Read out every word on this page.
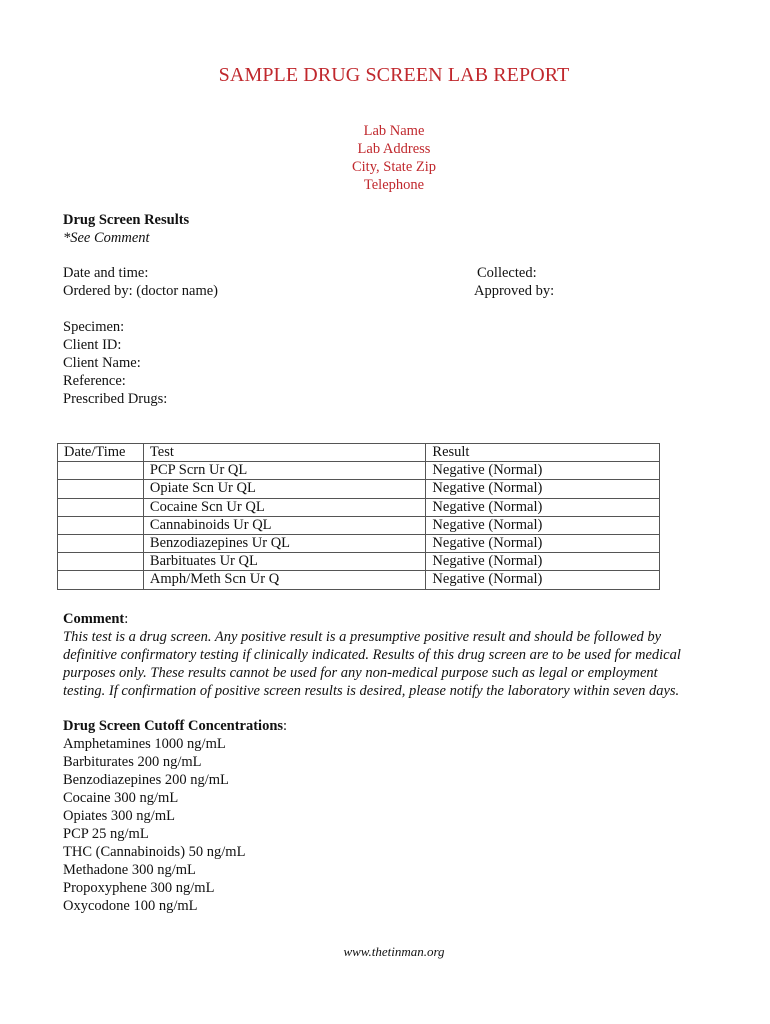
SAMPLE DRUG SCREEN LAB REPORT
Lab Name
Lab Address
City, State Zip
Telephone
Drug Screen Results
*See Comment
Date and time:
Ordered by: (doctor name)
Collected:
Approved by:
Specimen:
Client ID:
Client Name:
Reference:
Prescribed Drugs:
Date/Time	Test	Result
	PCP Scrn Ur QL	Negative (Normal)
	Opiate Scn Ur QL	Negative (Normal)
	Cocaine Scn Ur QL	Negative (Normal)
	Cannabinoids Ur QL	Negative (Normal)
	Benzodiazepines Ur QL	Negative (Normal)
	Barbituates Ur QL	Negative (Normal)
	Amph/Meth Scn Ur Q	Negative (Normal)
Comment:
This test is a drug screen. Any positive result is a presumptive positive result and should be followed by
definitive confirmatory testing if clinically indicated. Results of this drug screen are to be used for medical
purposes only. These results cannot be used for any non-medical purpose such as legal or employment
testing. If confirmation of positive screen results is desired, please notify the laboratory within seven days.
Drug Screen Cutoff Concentrations:
Amphetamines 1000 ng/mL
Barbiturates 200 ng/mL
Benzodiazepines 200 ng/mL
Cocaine 300 ng/mL
Opiates 300 ng/mL
PCP 25 ng/mL
THC (Cannabinoids) 50 ng/mL
Methadone 300 ng/mL
Propoxyphene 300 ng/mL
Oxycodone 100 ng/mL
www.thetinman.org
